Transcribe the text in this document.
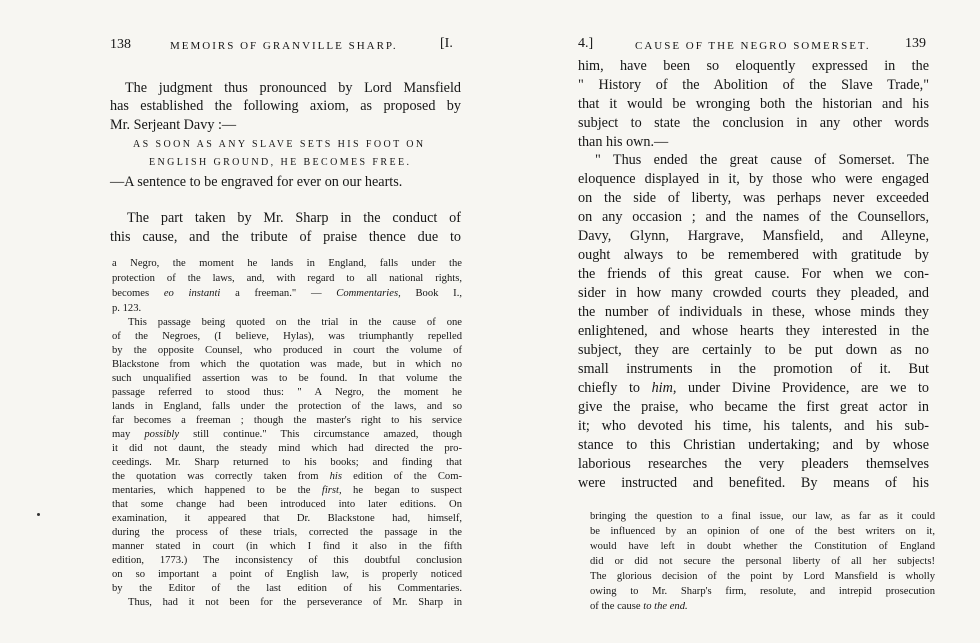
138	MEMOIRS OF GRANVILLE SHARP.	[I.

The judgment thus pronounced by Lord Mansfield

has established the following axiom, as proposed by

Mr. Serjeant Davy :—

AS SOON AS ANY SLAVE SETS HIS FOOT ON

ENGLISH GROUND, HE BECOMES FREE.

—A sentence to be engraved for ever on our hearts.

The part taken by Mr. Sharp in the conduct of

this cause, and the tribute of praise thence due to

a Negro, the moment he lands in England, falls under the

protection of the laws, and, with regard to all national rights,

becomes eo instanti a freeman." — Commentaries, Book I.,

p. 123.

This passage being quoted on the trial in the cause of one

of the Negroes, (I believe, Hylas), was triumphantly repelled

by the opposite Counsel, who produced in court the volume of

Blackstone from which the quotation was made, but in which no

such unqualified assertion was to be found. In that volume the

passage referred to stood thus: " A Negro, the moment he

lands in England, falls under the protection of the laws, and so

far becomes a freeman ; though the master's right to his service

may possibly still continue." This circumstance amazed, though

it did not daunt, the steady mind which had directed the pro-

ceedings. Mr. Sharp returned to his books; and finding that

the quotation was correctly taken from his edition of the Com-

mentaries, which happened to be the first, he began to suspect

that some change had been introduced into later editions. On

examination, it appeared that Dr. Blackstone had, himself,

during the process of these trials, corrected the passage in the

manner stated in court (in which I find it also in the fifth

edition, 1773.) The inconsistency of this doubtful conclusion

on so important a point of English law, is properly noticed

by the Editor of the last edition of his Commentaries.

Thus, had it not been for the perseverance of Mr. Sharp in

4.]	CAUSE OF THE NEGRO SOMERSET. 139

him, have been so eloquently expressed in the

" History of the Abolition of the Slave Trade,"

that it would be wronging both the historian and his

subject to state the conclusion in any other words

than his own.—

" Thus ended the great cause of Somerset. The

eloquence displayed in it, by those who were engaged

on the side of liberty, was perhaps never exceeded

on any occasion ; and the names of the Counsellors,

Davy, Glynn, Hargrave, Mansfield, and Alleyne,

ought always to be remembered with gratitude by

the friends of this great cause. For when we con-

sider in how many crowded courts they pleaded, and

the number of individuals in these, whose minds they

enlightened, and whose hearts they interested in the

subject, they are certainly to be put down as no

small instruments in the promotion of it. But

chiefly to him, under Divine Providence, are we to

give the praise, who became the first great actor in

it; who devoted his time, his talents, and his sub-

stance to this Christian undertaking; and by whose

laborious researches the very pleaders themselves

were instructed and benefited. By means of his

bringing the question to a final issue, our law, as far as it could

be influenced by an opinion of one of the best writers on it,

would have left in doubt whether the Constitution of England

did or did not secure the personal liberty of all her subjects!

The glorious decision of the point by Lord Mansfield is wholly

owing to Mr. Sharp's firm, resolute, and intrepid prosecution

of the cause to the end.
